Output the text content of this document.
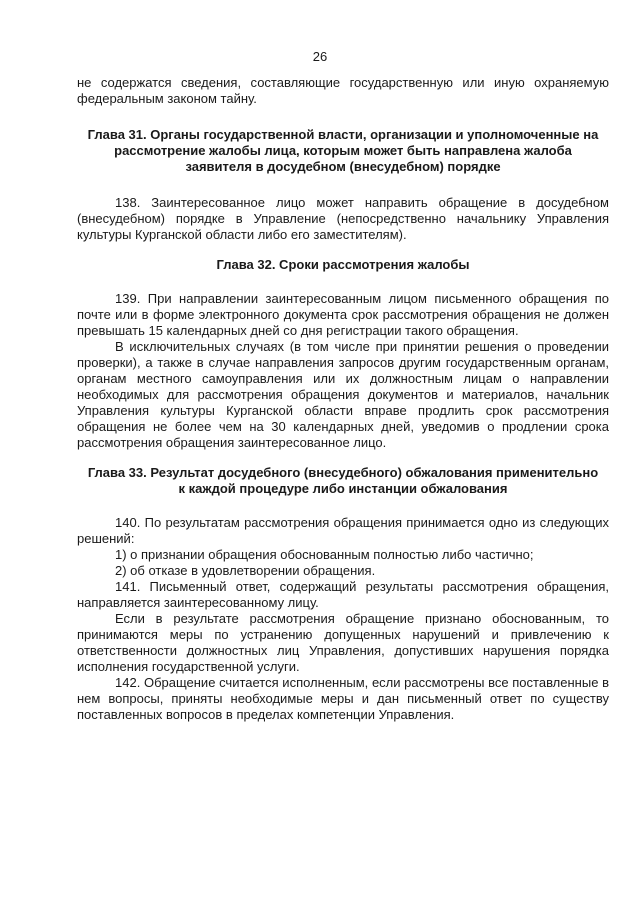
26

не содержатся сведения, составляющие государственную или иную охраняемую федеральным законом тайну.

Глава 31. Органы государственной власти, организации и уполномоченные на рассмотрение жалобы лица, которым может быть направлена жалоба заявителя в досудебном (внесудебном) порядке

138. Заинтересованное лицо может направить обращение в досудебном (внесудебном) порядке в Управление (непосредственно начальнику Управления культуры Курганской области либо его заместителям).

Глава 32. Сроки рассмотрения жалобы

139. При направлении заинтересованным лицом письменного обращения по почте или в форме электронного документа срок рассмотрения обращения не должен превышать 15 календарных дней со дня регистрации такого обращения.

В исключительных случаях (в том числе при принятии решения о проведении проверки), а также в случае направления запросов другим государственным органам, органам местного самоуправления или их должностным лицам о направлении необходимых для рассмотрения обращения документов и материалов, начальник Управления культуры Курганской области вправе продлить срок рассмотрения обращения не более чем на 30 календарных дней, уведомив о продлении срока рассмотрения обращения заинтересованное лицо.

Глава 33. Результат досудебного (внесудебного) обжалования применительно к каждой процедуре либо инстанции обжалования

140. По результатам рассмотрения обращения принимается одно из следующих решений:

1) о признании обращения обоснованным полностью либо частично;

2) об отказе в удовлетворении обращения.

141. Письменный ответ, содержащий результаты рассмотрения обращения, направляется заинтересованному лицу.

Если в результате рассмотрения обращение признано обоснованным, то принимаются меры по устранению допущенных нарушений и привлечению к ответственности должностных лиц Управления, допустивших нарушения порядка исполнения государственной услуги.

142. Обращение считается исполненным, если рассмотрены все поставленные в нем вопросы, приняты необходимые меры и дан письменный ответ по существу поставленных вопросов в пределах компетенции Управления.
